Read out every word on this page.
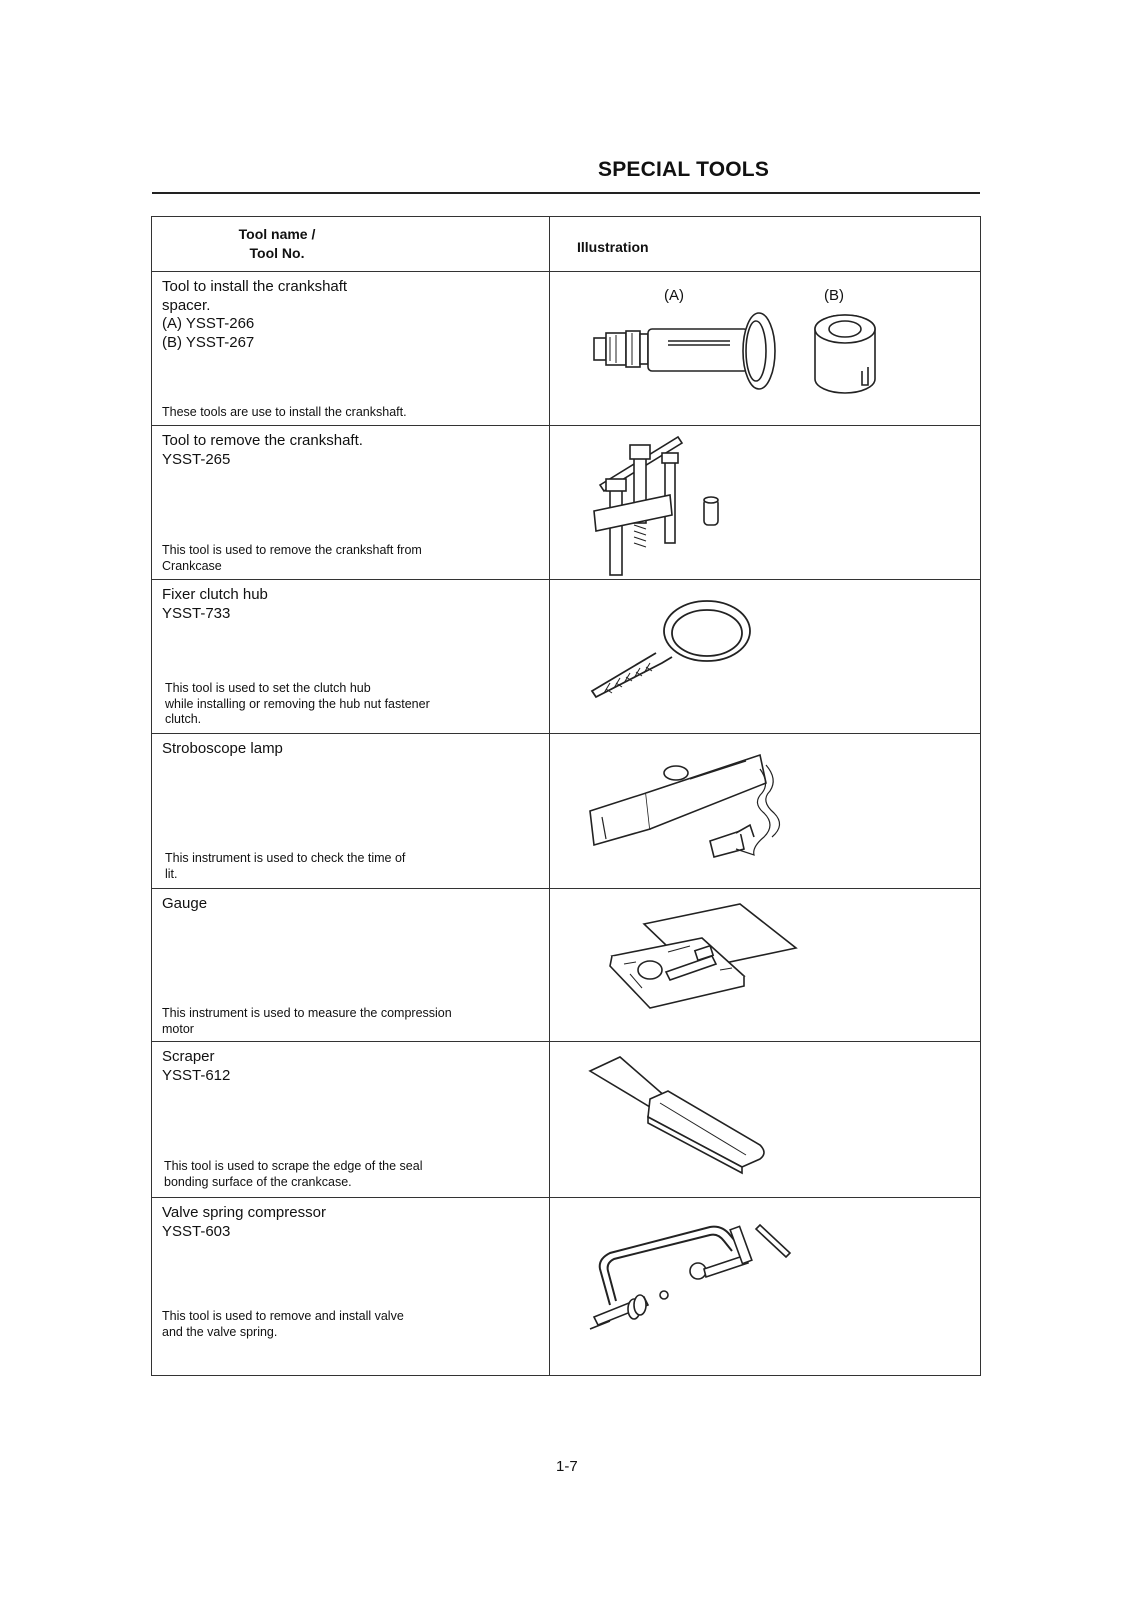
SPECIAL TOOLS
Tool name /
Tool No.	Illustration
Tool to install the crankshaft
spacer.
(A) YSST-266
(B) YSST-267
These tools are use to install the crankshaft.
(A)	(B)
Tool to remove the crankshaft.
YSST-265
This tool is used to remove the crankshaft from
Crankcase
Fixer clutch hub
YSST-733
This tool is used to set the clutch hub
while installing or removing the hub nut fastener
clutch.
Stroboscope lamp
This instrument is used to check the time of
lit.
Gauge
This instrument is used to measure the compression
motor
Scraper
YSST-612
This tool is used to scrape the edge of the seal
bonding surface of the crankcase.
Valve spring compressor
YSST-603
This tool is used to remove and install valve
and the valve spring.
1-7
